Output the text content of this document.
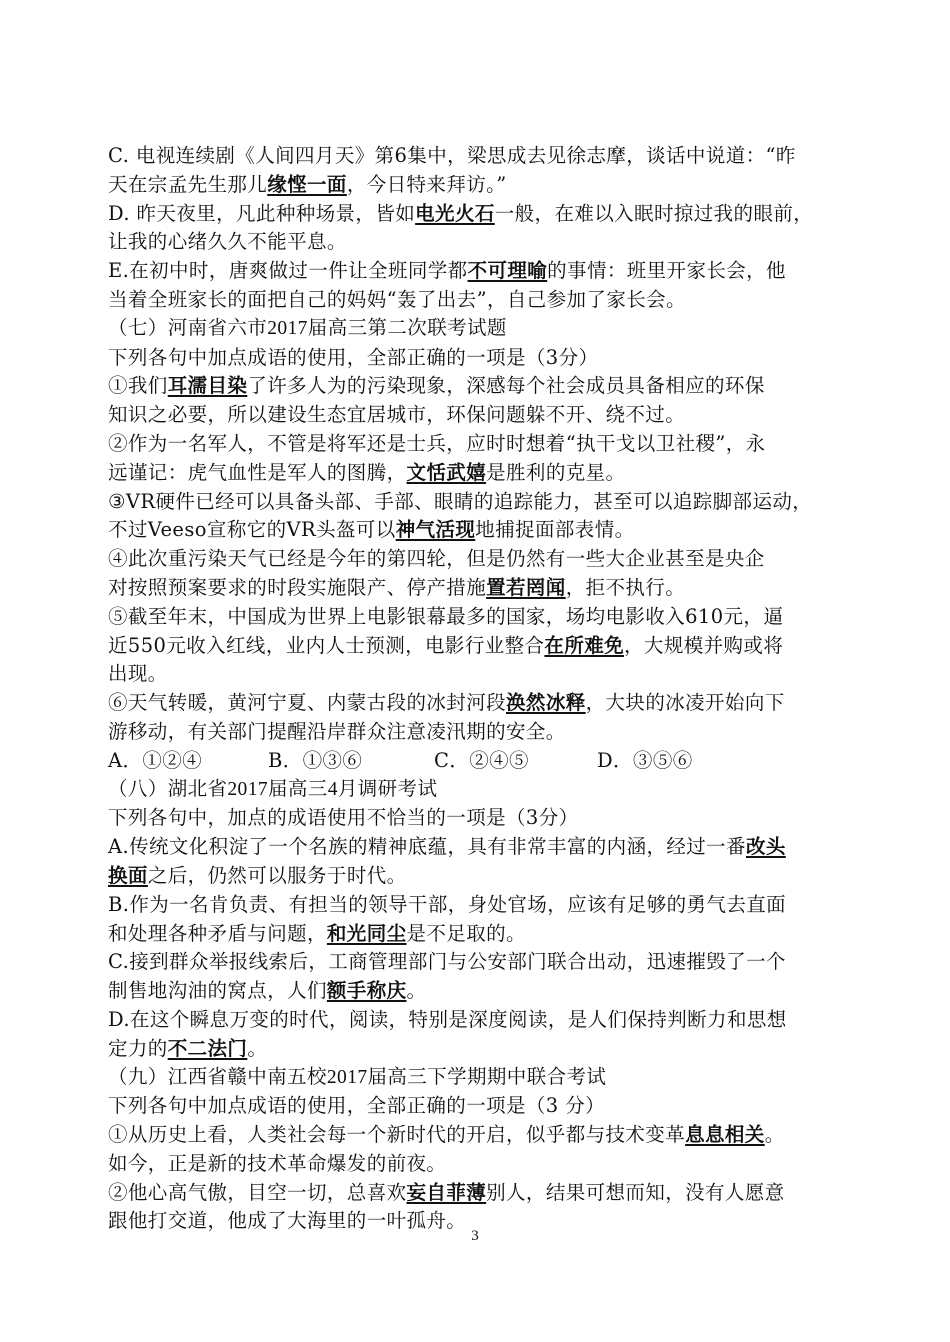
C. 电视连续剧《人间四月天》第6集中，梁思成去见徐志摩，谈话中说道：“昨
天在宗孟先生那儿缘悭一面，今日特来拜访。”
D. 昨天夜里，凡此种种场景，皆如电光火石一般，在难以入眠时掠过我的眼前，
让我的心绪久久不能平息。
E.在初中时，唐爽做过一件让全班同学都不可理喻的事情：班里开家长会，他
当着全班家长的面把自己的妈妈“轰了出去”，自己参加了家长会。
（七）河南省六市2017届高三第二次联考试题
下列各句中加点成语的使用，全部正确的一项是（3分）
①我们耳濡目染了许多人为的污染现象，深感每个社会成员具备相应的环保
知识之必要，所以建设生态宜居城市，环保问题躲不开、绕不过。
②作为一名军人，不管是将军还是士兵，应时时想着“执干戈以卫社稷”，永
远谨记：虎气血性是军人的图腾，文恬武嬉是胜利的克星。
③VR硬件已经可以具备头部、手部、眼睛的追踪能力，甚至可以追踪脚部运动，
不过Veeso宣称它的VR头盔可以神气活现地捕捉面部表情。
④此次重污染天气已经是今年的第四轮，但是仍然有一些大企业甚至是央企
对按照预案要求的时段实施限产、停产措施置若罔闻，拒不执行。
⑤截至年末，中国成为世界上电影银幕最多的国家，场均电影收入610元，逼
近550元收入红线，业内人士预测，电影行业整合在所难免，大规模并购或将
出现。
⑥天气转暖，黄河宁夏、内蒙古段的冰封河段涣然冰释，大块的冰凌开始向下
游移动，有关部门提醒沿岸群众注意凌汛期的安全。
A．①②④	B．①③⑥	C．②④⑤	D．③⑤⑥
（八）湖北省2017届高三4月调研考试
下列各句中，加点的成语使用不恰当的一项是（3分）
A.传统文化积淀了一个名族的精神底蕴，具有非常丰富的内涵，经过一番改头
换面之后，仍然可以服务于时代。
B.作为一名肯负责、有担当的领导干部，身处官场，应该有足够的勇气去直面
和处理各种矛盾与问题，和光同尘是不足取的。
C.接到群众举报线索后，工商管理部门与公安部门联合出动，迅速摧毁了一个
制售地沟油的窝点，人们额手称庆。
D.在这个瞬息万变的时代，阅读，特别是深度阅读，是人们保持判断力和思想
定力的不二法门。
（九）江西省赣中南五校2017届高三下学期期中联合考试
下列各句中加点成语的使用，全部正确的一项是（3 分）
①从历史上看，人类社会每一个新时代的开启，似乎都与技术变革息息相关。
如今，正是新的技术革命爆发的前夜。
②他心高气傲，目空一切，总喜欢妄自菲薄别人，结果可想而知，没有人愿意
跟他打交道，他成了大海里的一叶孤舟。
3
